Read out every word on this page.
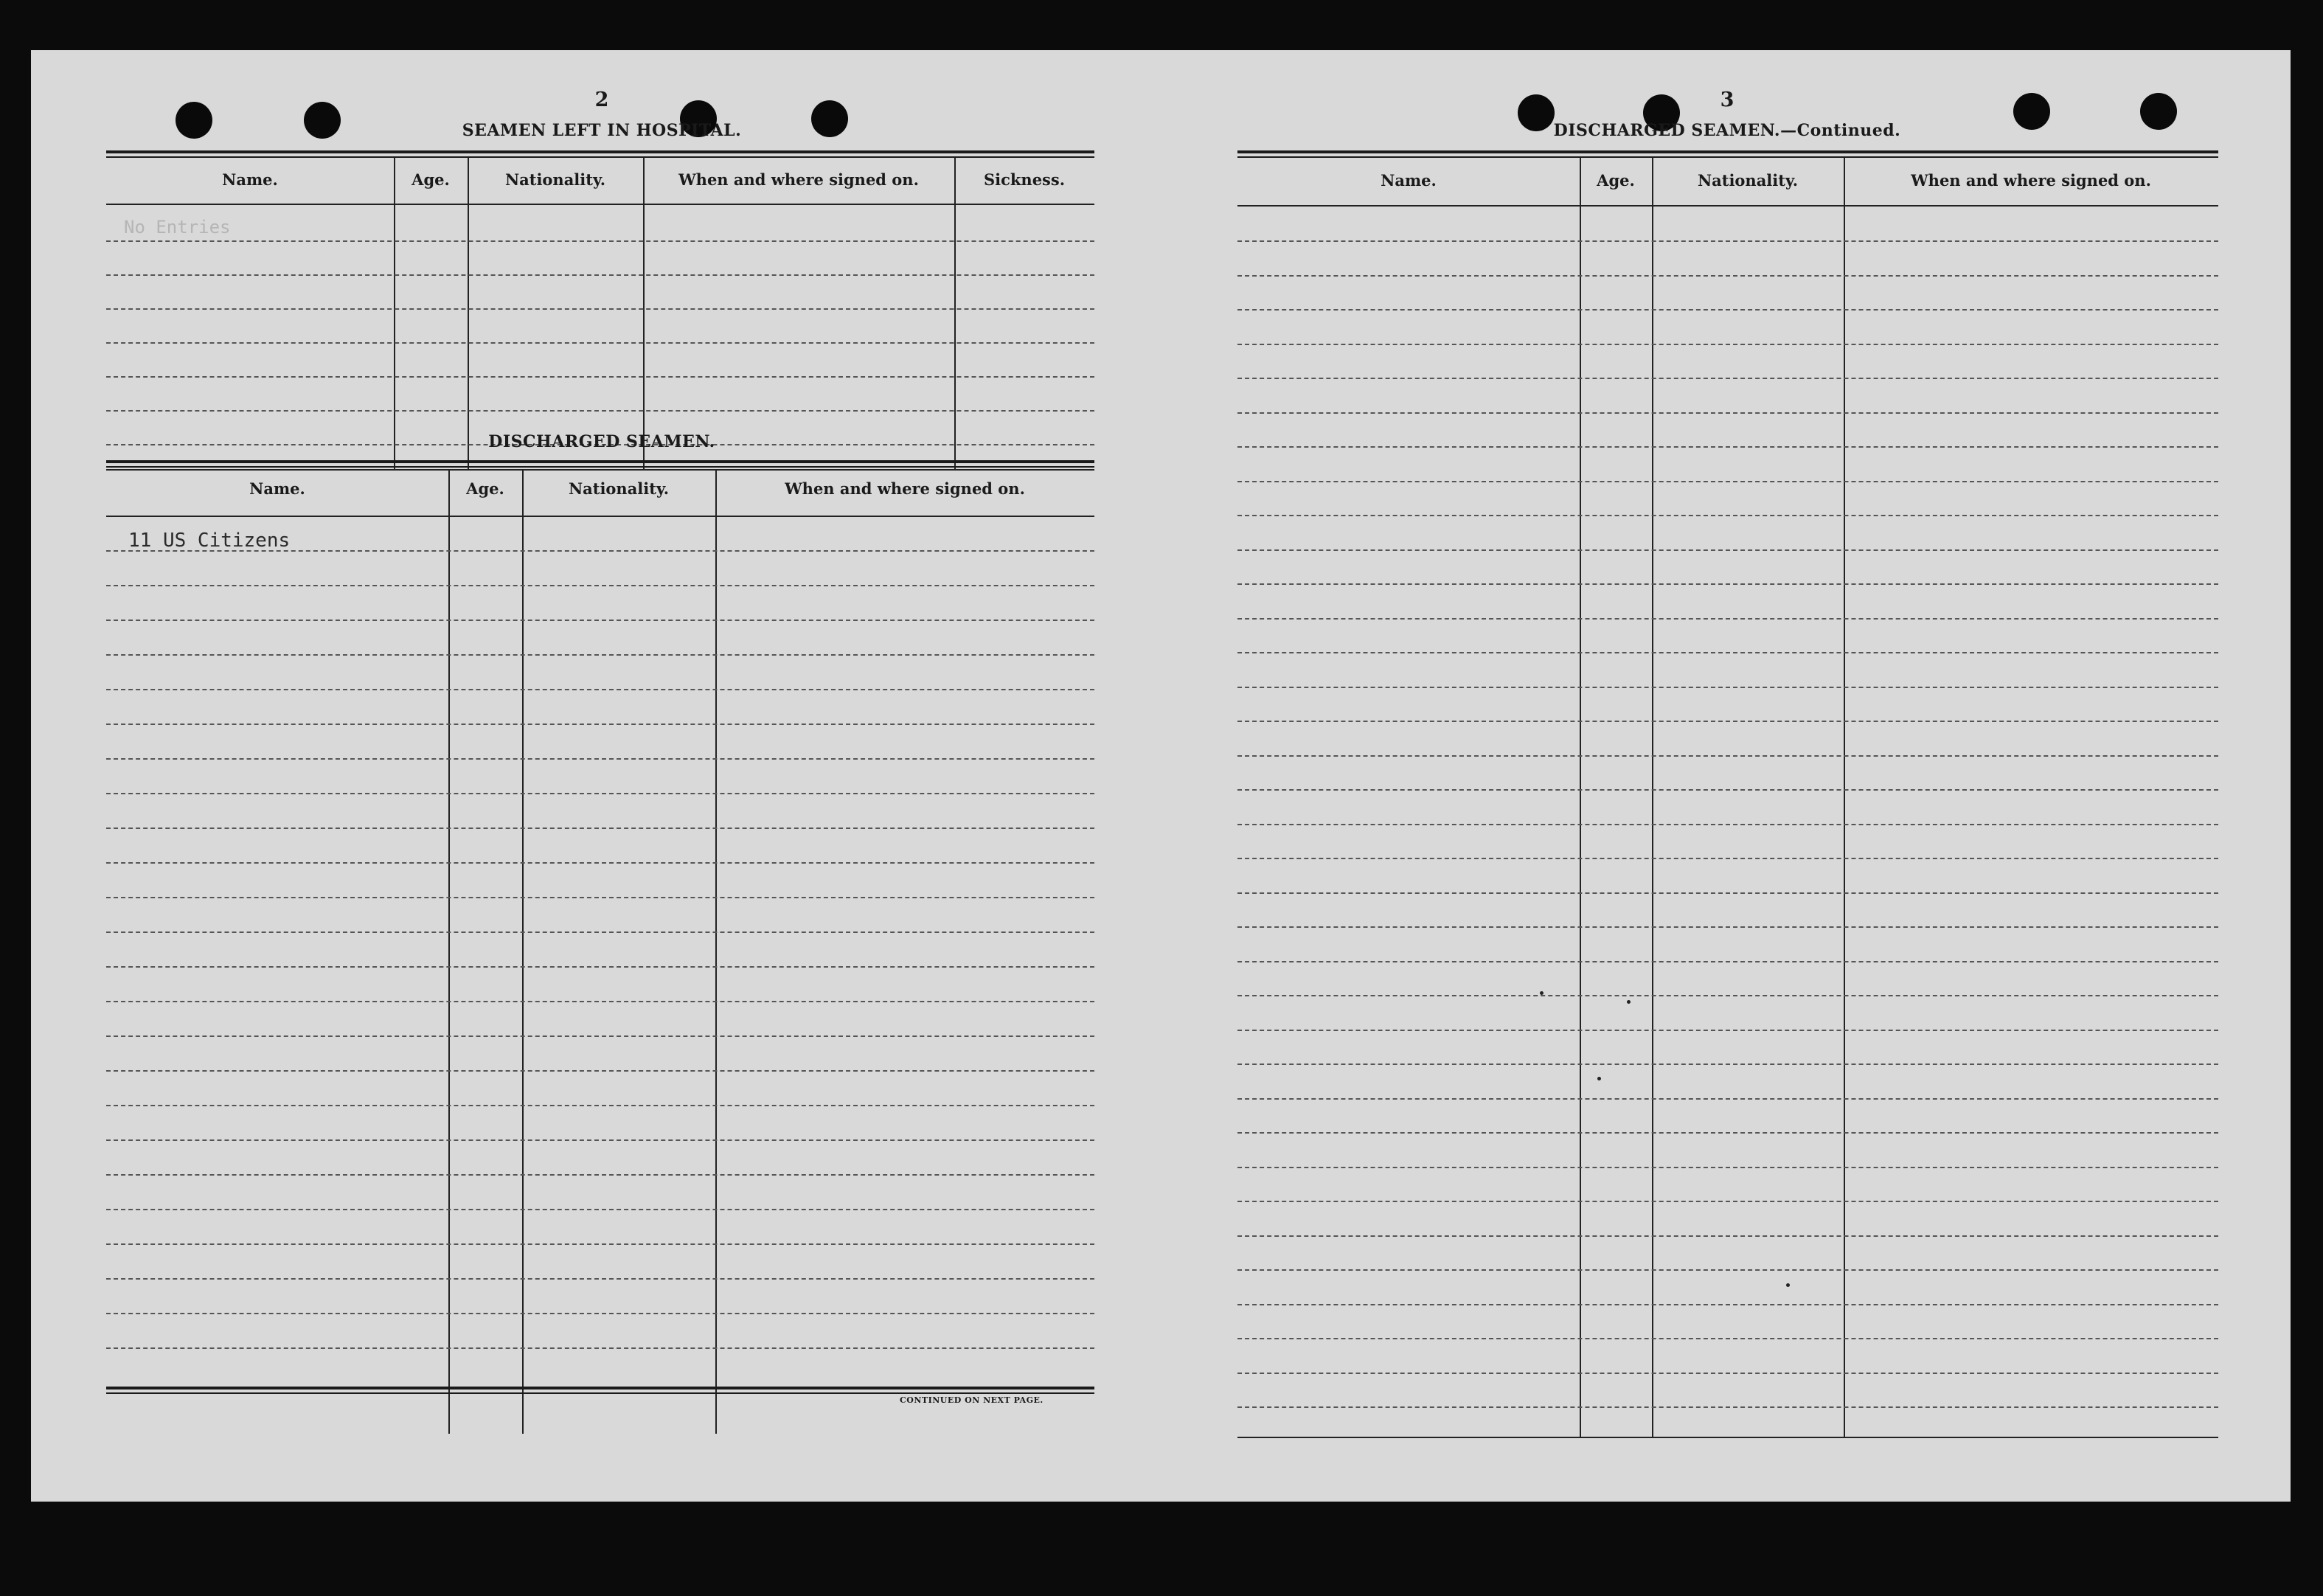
2
SEAMEN LEFT IN HOSPITAL.
Name.	Age.	Nationality.	When and where signed on.	Sickness.
No Entries
DISCHARGED SEAMEN.
Name.	Age.	Nationality.	When and where signed on.
11 US Citizens
CONTINUED ON NEXT PAGE.
3
DISCHARGED SEAMEN.—Continued.
Name.	Age.	Nationality.	When and where signed on.
